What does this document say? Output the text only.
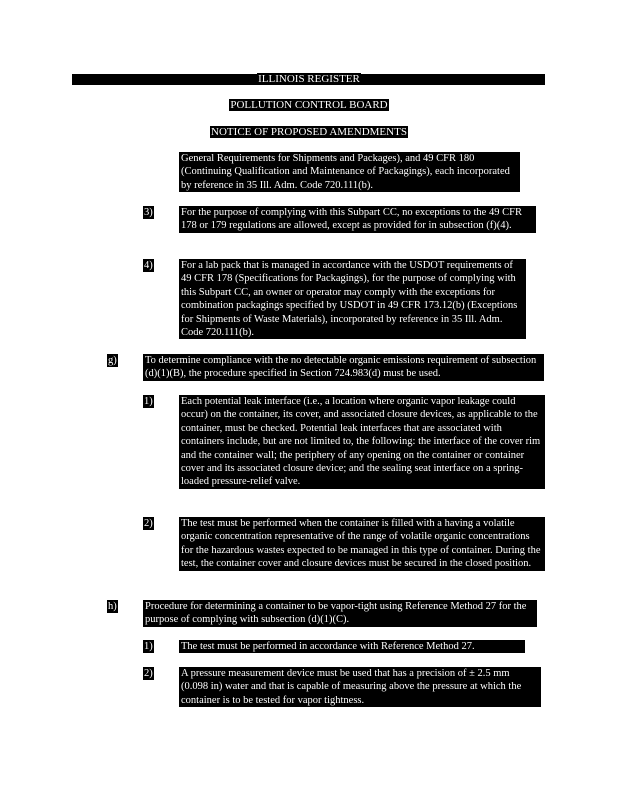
ILLINOIS REGISTER
POLLUTION CONTROL BOARD
NOTICE OF PROPOSED AMENDMENTS

General Requirements for Shipments and Packages), and 49 CFR 180 (Continuing Qualification and Maintenance of Packagings), each incorporated by reference in 35 Ill. Adm. Code 720.111(b).

3)	For the purpose of complying with this Subpart CC, no exceptions to the 49 CFR 178 or 179 regulations are allowed, except as provided for in subsection (f)(4).

4)	For a lab pack that is managed in accordance with the USDOT requirements of 49 CFR 178 (Specifications for Packagings), for the purpose of complying with this Subpart CC, an owner or operator may comply with the exceptions for combination packagings specified by USDOT in 49 CFR 173.12(b) (Exceptions for Shipments of Waste Materials), incorporated by reference in 35 Ill. Adm. Code 720.111(b).

g)	To determine compliance with the no detectable organic emissions requirement of subsection (d)(1)(B), the procedure specified in Section 724.983(d) must be used.

1)	Each potential leak interface (i.e., a location where organic vapor leakage could occur) on the container, its cover, and associated closure devices, as applicable to the container, must be checked. Potential leak interfaces that are associated with containers include, but are not limited to, the following: the interface of the cover rim and the container wall; the periphery of any opening on the container or container cover and its associated closure device; and the sealing seat interface on a spring-loaded pressure-relief valve.

2)	The test must be performed when the container is filled with a having a volatile organic concentration representative of the range of volatile organic concentrations for the hazardous wastes expected to be managed in this type of container. During the test, the container cover and closure devices must be secured in the closed position.

h)	Procedure for determining a container to be vapor-tight using Reference Method 27 for the purpose of complying with subsection (d)(1)(C).

1)	The test must be performed in accordance with Reference Method 27.

2)	A pressure measurement device must be used that has a precision of ± 2.5 mm (0.098 in) water and that is capable of measuring above the pressure at which the container is to be tested for vapor tightness.
